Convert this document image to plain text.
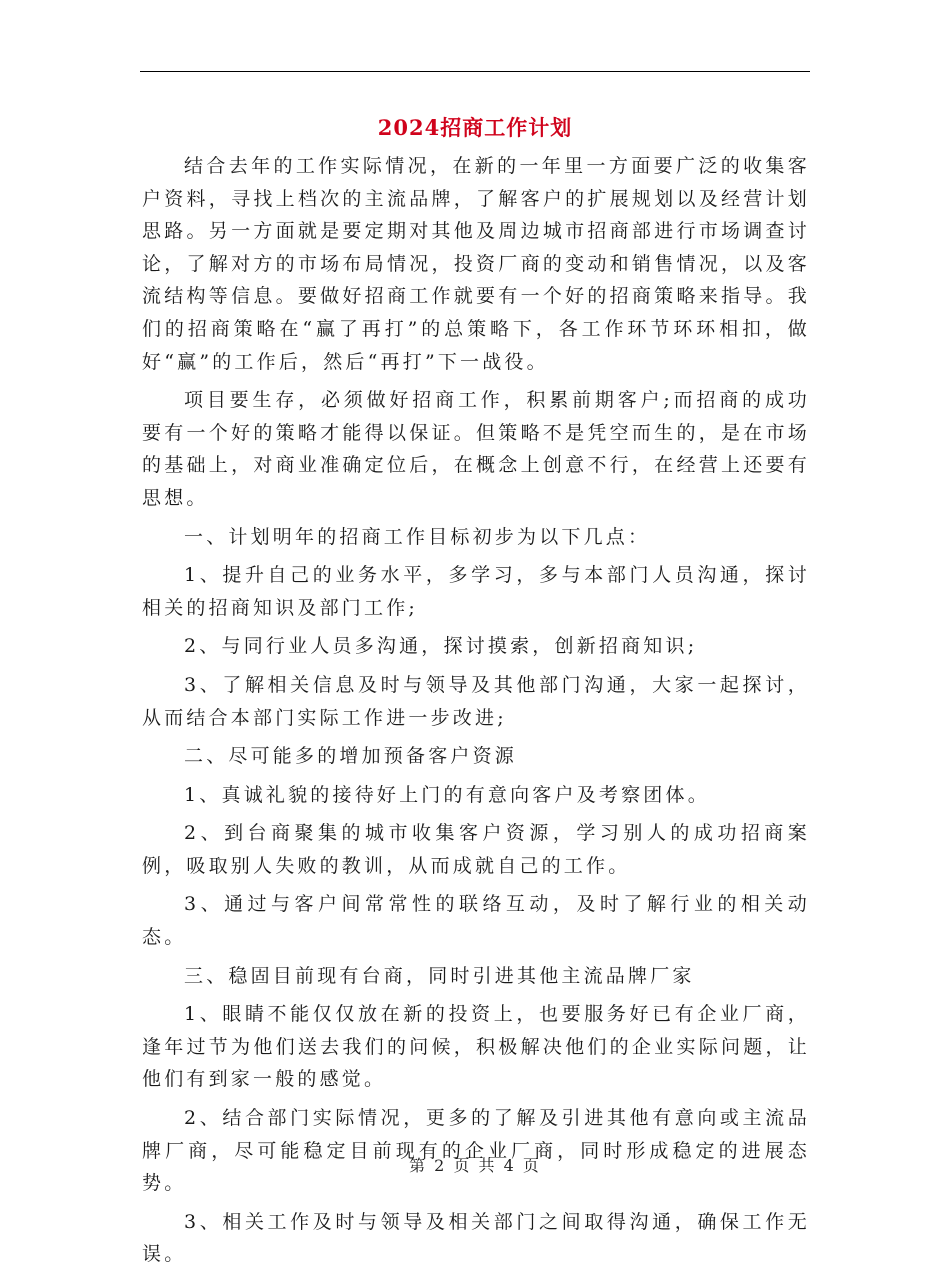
2024招商工作计划

结合去年的工作实际情况，在新的一年里一方面要广泛的收集客户资料，寻找上档次的主流品牌，了解客户的扩展规划以及经营计划思路。另一方面就是要定期对其他及周边城市招商部进行市场调查讨论，了解对方的市场布局情况，投资厂商的变动和销售情况，以及客流结构等信息。要做好招商工作就要有一个好的招商策略来指导。我们的招商策略在“赢了再打”的总策略下，各工作环节环环相扣，做好“赢”的工作后，然后“再打”下一战役。

项目要生存，必须做好招商工作，积累前期客户;而招商的成功要有一个好的策略才能得以保证。但策略不是凭空而生的，是在市场的基础上，对商业准确定位后，在概念上创意不行，在经营上还要有思想。

一、计划明年的招商工作目标初步为以下几点：

1、提升自己的业务水平，多学习，多与本部门人员沟通，探讨相关的招商知识及部门工作;

2、与同行业人员多沟通，探讨摸索，创新招商知识;

3、了解相关信息及时与领导及其他部门沟通，大家一起探讨，从而结合本部门实际工作进一步改进;

二、尽可能多的增加预备客户资源

1、真诚礼貌的接待好上门的有意向客户及考察团体。

2、到台商聚集的城市收集客户资源，学习别人的成功招商案例，吸取别人失败的教训，从而成就自己的工作。

3、通过与客户间常常性的联络互动，及时了解行业的相关动态。

三、稳固目前现有台商，同时引进其他主流品牌厂家

1、眼睛不能仅仅放在新的投资上，也要服务好已有企业厂商，逢年过节为他们送去我们的问候，积极解决他们的企业实际问题，让他们有到家一般的感觉。

2、结合部门实际情况，更多的了解及引进其他有意向或主流品牌厂商，尽可能稳定目前现有的企业厂商，同时形成稳定的进展态势。

3、相关工作及时与领导及相关部门之间取得沟通，确保工作无误。

第 2 页 共 4 页
